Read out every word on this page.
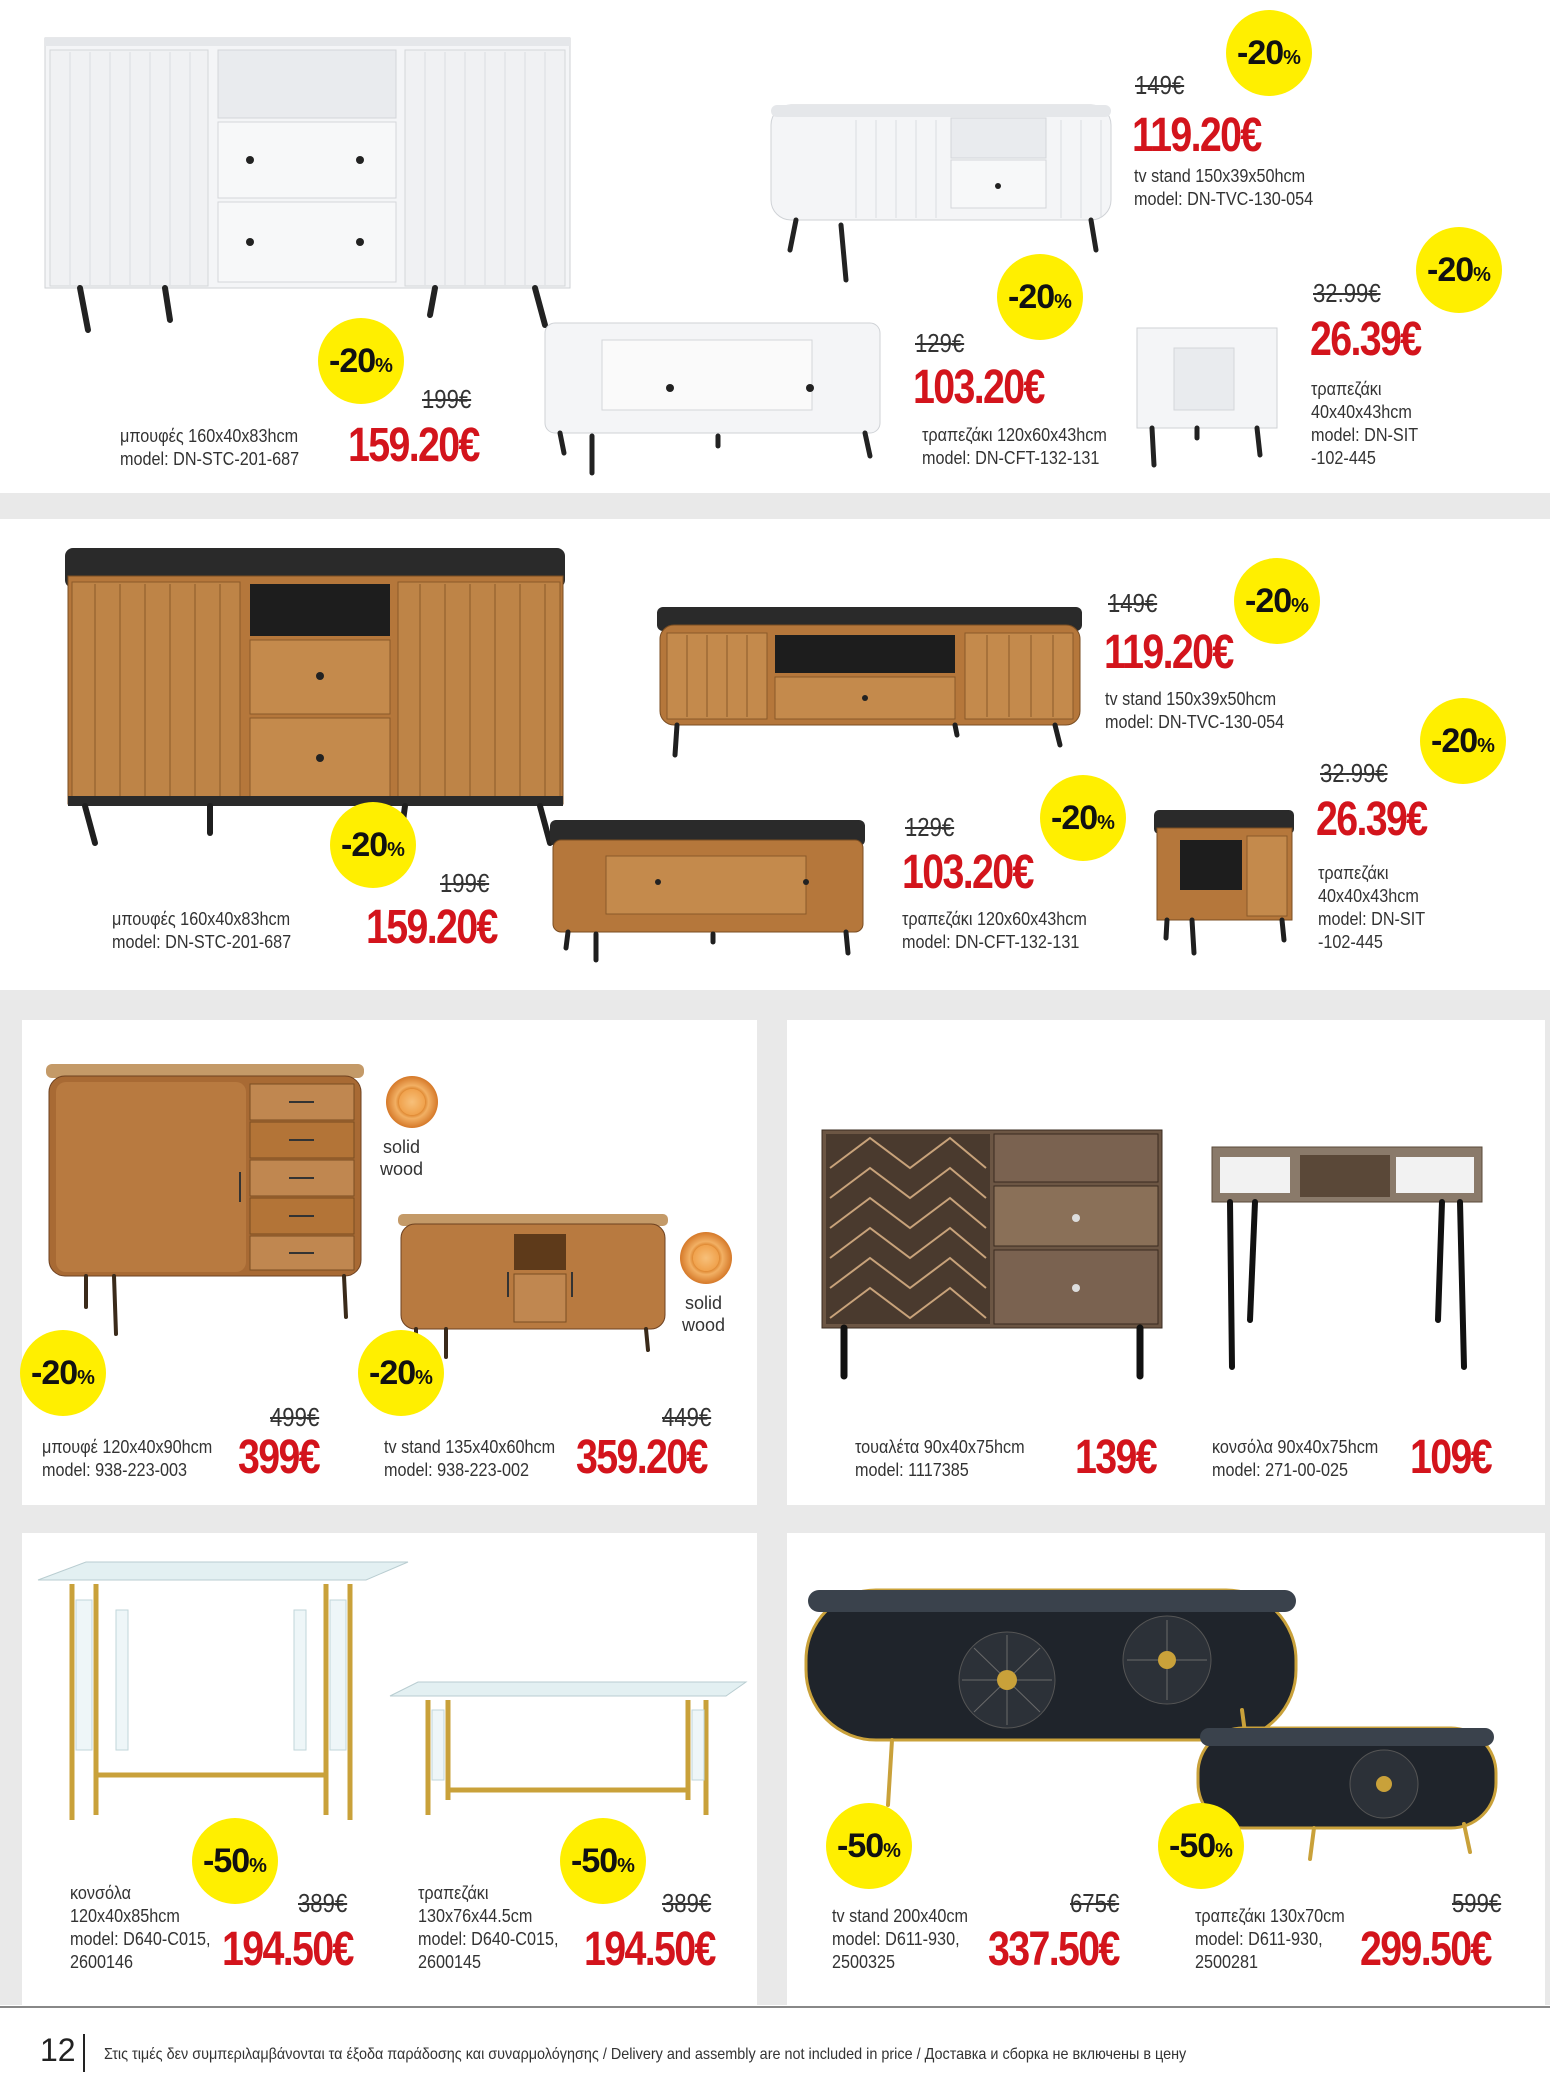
-20 %
199€
159.20€
μπουφές 160x40x83hcm
model: DN-STC-201-687
-20 %
149€
119.20€
tv stand 150x39x50hcm
model: DN-TVC-130-054
-20 %
129€
103.20€
τραπεζάκι 120x60x43hcm
model: DN-CFT-132-131
-20 %
32.99€
26.39€
τραπεζάκι
40x40x43hcm
model: DN-SIT
-102-445
-20 %
199€
159.20€
μπουφές 160x40x83hcm
model: DN-STC-201-687
-20 %
149€
119.20€
tv stand 150x39x50hcm
model: DN-TVC-130-054
-20 %
129€
103.20€
τραπεζάκι 120x60x43hcm
model: DN-CFT-132-131
-20 %
32.99€
26.39€
τραπεζάκι
40x40x43hcm
model: DN-SIT
-102-445
solid
wood
-20 %
499€
399€
μπουφέ 120x40x90hcm
model: 938-223-003
solid
wood
-20 %
449€
359.20€
tv stand 135x40x60hcm
model: 938-223-002	139€
τουαλέτα 90x40x75hcm
model: 1117385	109€
κονσόλα 90x40x75hcm
model: 271-00-025
-50 %
389€
194.50€
κονσόλα
120x40x85hcm
model: D640-C015,
2600146
-50 %
389€
194.50€
τραπεζάκι
130x76x44.5cm
model: D640-C015,
2600145
-50 %
675€
337.50€
tv stand 200x40cm
model: D611-930,
2500325
-50 %
599€
299.50€
τραπεζάκι 130x70cm
model: D611-930,
2500281
12 Στις τιμές δεν συμπεριλαμβάνονται τα έξοδα παράδοσης και συναρμολόγησης / Delivery and assembly are not included in price / Доставка и сборка не включены в цену
